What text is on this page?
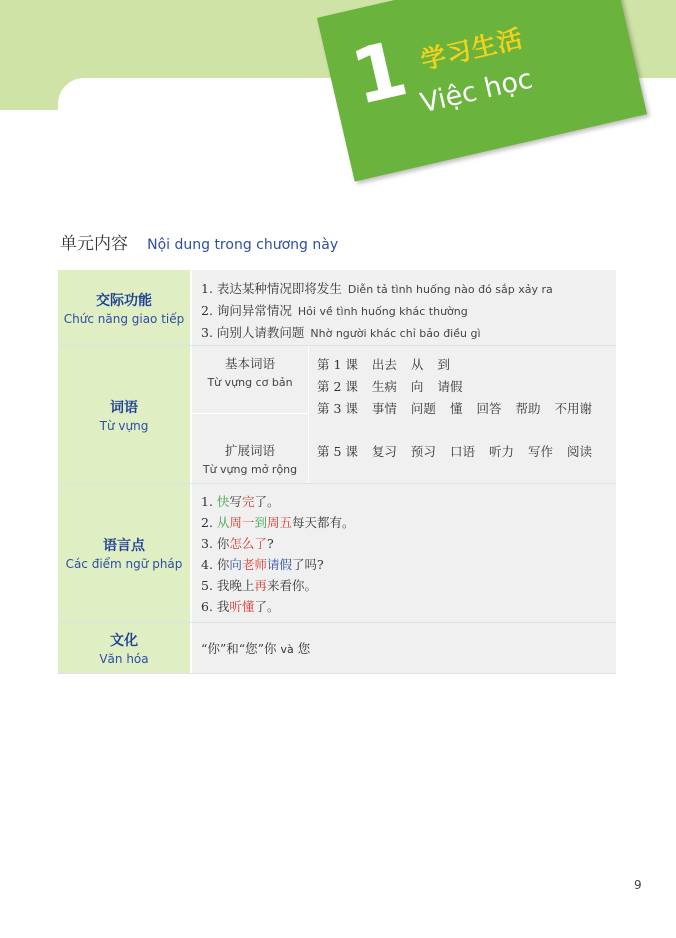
1 学习生活
Việc học
单元内容 Nội dung trong chương này
交际功能
Chức năng giao tiếp
1. 表达某种情况即将发生 Diễn tả tình huống nào đó sắp xảy ra
2. 询问异常情况 Hỏi về tình huống khác thường
3. 向别人请教问题 Nhờ người khác chỉ bảo điều gì
词语
Từ vựng
基本词语
Từ vựng cơ bản
扩展词语
Từ vựng mở rộng
第 1 课 出去 从 到
第 2 课 生病 向 请假
第 3 课 事情 问题 懂 回答 帮助 不用谢
第 5 课 复习 预习 口语 听力 写作 阅读
语言点
Các điểm ngữ pháp
1. 快写完了。
2. 从周一到周五每天都有。
3. 你怎么了?
4. 你向老师请假了吗?
5. 我晚上再来看你。
6. 我听懂了。
文化
Văn hóa
“你”和“您”你 và 您
9
